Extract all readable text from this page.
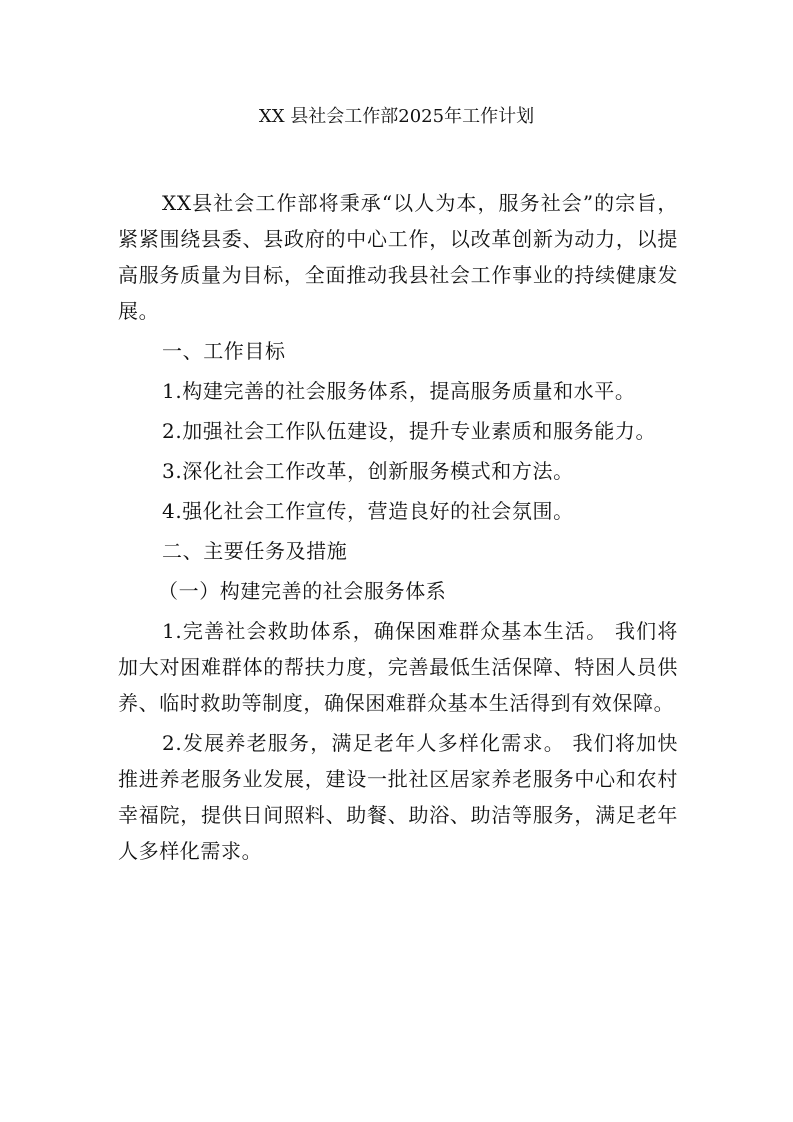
XX 县社会工作部2025年工作计划

XX县社会工作部将秉承“以人为本，服务社会”的宗旨，紧紧围绕县委、县政府的中心工作，以改革创新为动力，以提高服务质量为目标，全面推动我县社会工作事业的持续健康发展。

一、工作目标

1.构建完善的社会服务体系，提高服务质量和水平。

2.加强社会工作队伍建设，提升专业素质和服务能力。

3.深化社会工作改革，创新服务模式和方法。

4.强化社会工作宣传，营造良好的社会氛围。

二、主要任务及措施

（一）构建完善的社会服务体系

1.完善社会救助体系，确保困难群众基本生活。 我们将加大对困难群体的帮扶力度，完善最低生活保障、特困人员供养、临时救助等制度，确保困难群众基本生活得到有效保障。

2.发展养老服务，满足老年人多样化需求。 我们将加快推进养老服务业发展，建设一批社区居家养老服务中心和农村幸福院，提供日间照料、助餐、助浴、助洁等服务，满足老年人多样化需求。
